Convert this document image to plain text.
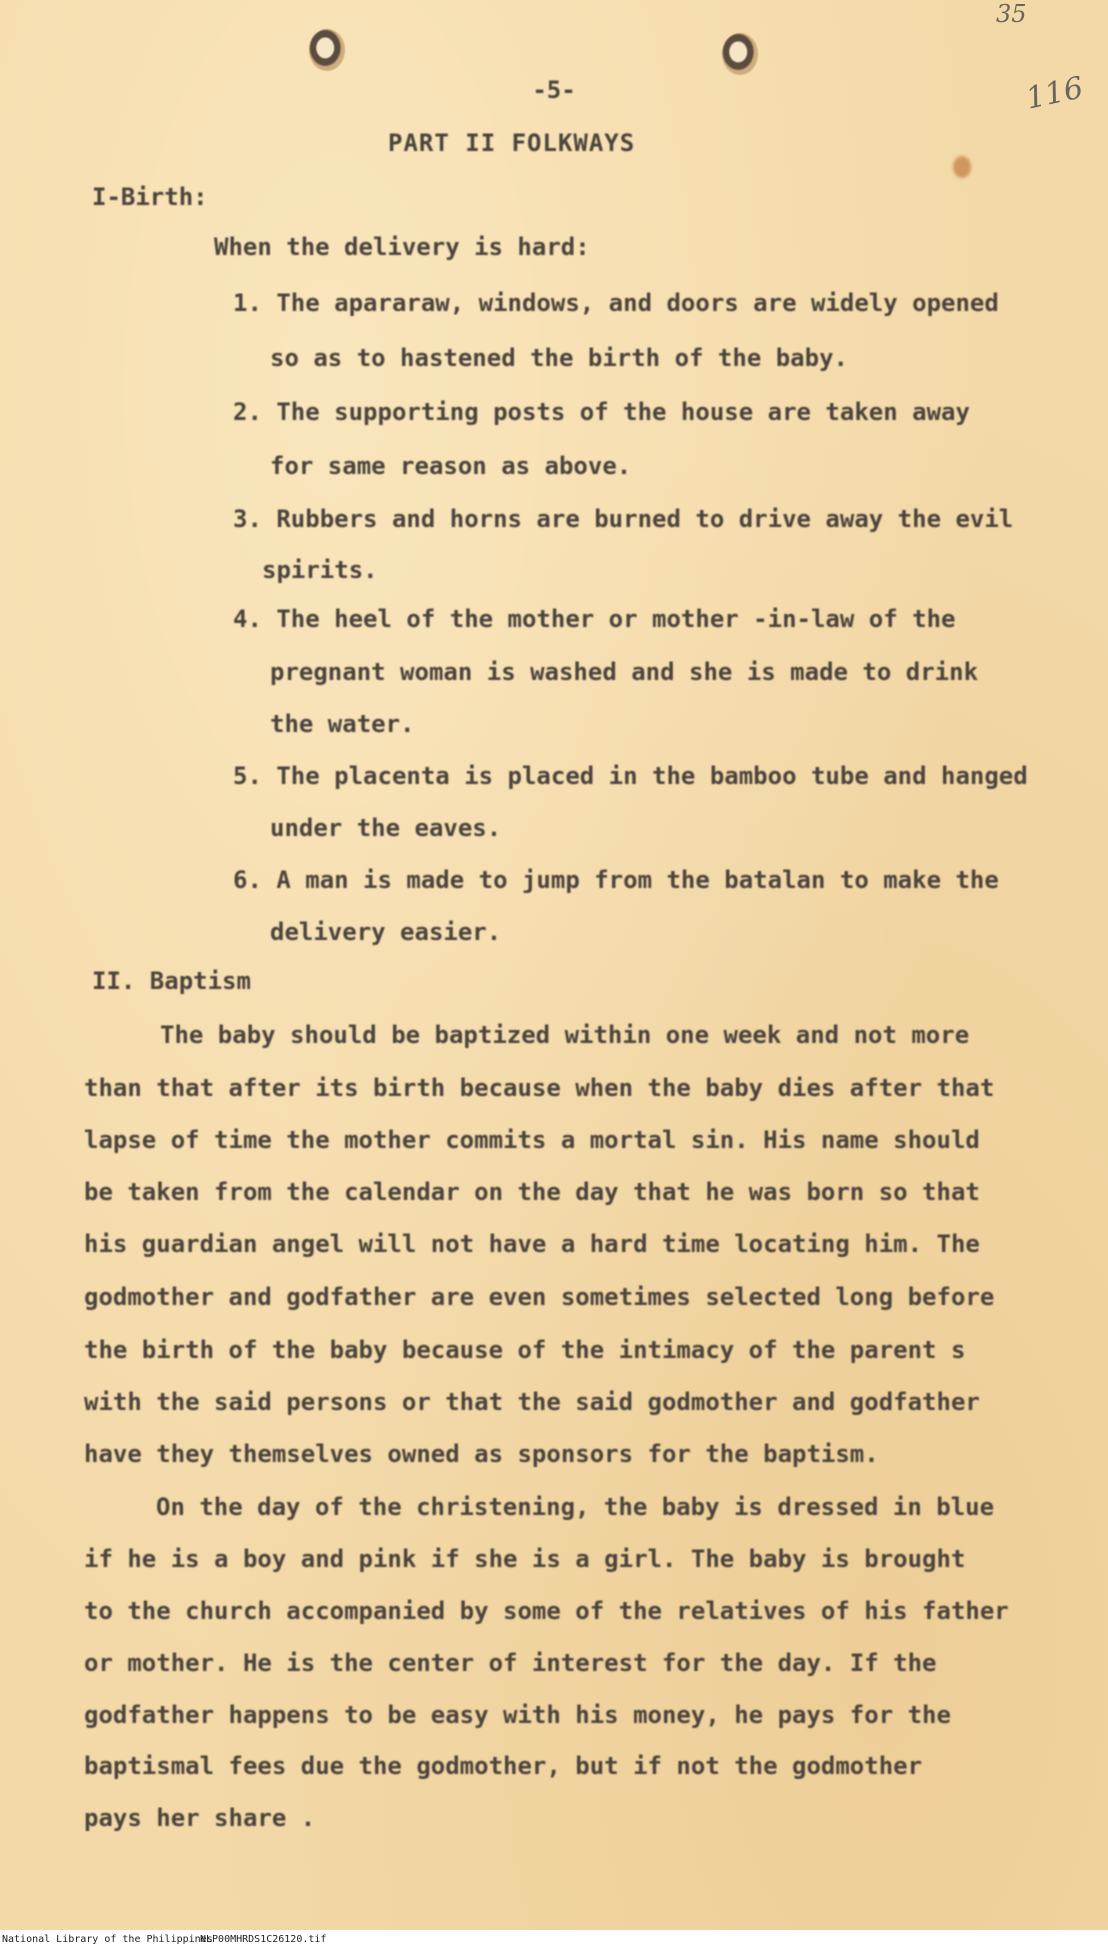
35
116
-5-
PART II FOLKWAYS
I-Birth:
When the delivery is hard:
1. The apararaw, windows, and doors are widely opened
so as to hastened the birth of the baby.
2. The supporting posts of the house are taken away
for same reason as above.
3. Rubbers and horns are burned to drive away the evil
spirits.
4. The heel of the mother or mother -in-law of the
pregnant woman is washed and she is made to drink
the water.
5. The placenta is placed in the bamboo tube and hanged
under the eaves.
6. A man is made to jump from the batalan to make the
delivery easier.
II. Baptism
The baby should be baptized within one week and not more
than that after its birth because when the baby dies after that
lapse of time the mother commits a mortal sin. His name should
be taken from the calendar on the day that he was born so that
his guardian angel will not have a hard time locating him. The
godmother and godfather are even sometimes selected long before
the birth of the baby because of the intimacy of the parent s
with the said persons or that the said godmother and godfather
have they themselves owned as sponsors for the baptism.
On the day of the christening, the baby is dressed in blue
if he is a boy and pink if she is a girl. The baby is brought
to the church accompanied by some of the relatives of his father
or mother. He is the center of interest for the day. If the
godfather happens to be easy with his money, he pays for the
baptismal fees due the godmother, but if not the godmother
pays her share .
National Library of the Philippines
NLP00MHRDS1C26120.tif
